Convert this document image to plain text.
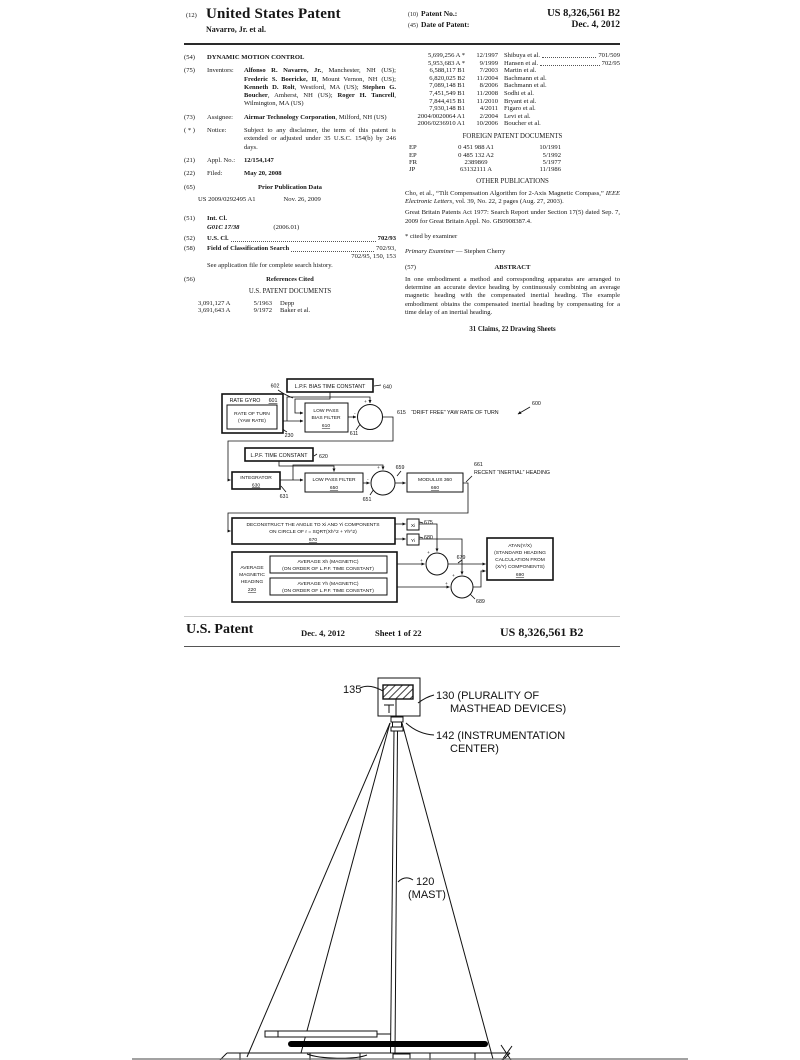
(12) United States Patent
Navarro, Jr. et al.
(10) Patent No.:	US 8,326,561 B2
(45) Date of Patent:	Dec. 4, 2012
(54)	DYNAMIC MOTION CONTROL
(75)	Inventors:	Alfonso R. Navarro, Jr., Manchester, NH (US); Frederic S. Boericke, II, Mount Vernon, NH (US); Kenneth D. Rolt, Westford, MA (US); Stephen G. Boucher, Amherst, NH (US); Roger H. Tancrell, Wilmington, MA (US)
(73)	Assignee:	Airmar Technology Corporation, Milford, NH (US)
( * )	Notice:	Subject to any disclaimer, the term of this patent is extended or adjusted under 35 U.S.C. 154(b) by 246 days.
(21)	Appl. No.:	12/154,147
(22)	Filed:	May 20, 2008
(65)	Prior Publication Data
US 2009/0292495 A1	Nov. 26, 2009
(51)	Int. Cl.
G01C 17/38	(2006.01)
(52)	U.S. Cl.	702/93
(58)	Field of Classification Search	702/93,
702/95, 150, 153
See application file for complete search history.
(56)	References Cited
U.S. PATENT DOCUMENTS
3,091,127 A	5/1963 Depp
3,691,643 A	9/1972 Baker et al.
5,699,256 A *	12/1997 Shibuya et al.	701/509
5,953,683 A *	9/1999 Hansen et al.	702/95
6,588,117 B1	7/2003 Martin et al.
6,820,025 B2	11/2004 Bachmann et al.
7,089,148 B1	8/2006 Bachmann et al.
7,451,549 B1	11/2008 Sodhi et al.
7,844,415 B1	11/2010 Bryant et al.
7,930,148 B1	4/2011 Figaro et al.
2004/0020064 A1	2/2004 Levi et al.
2006/0236910 A1	10/2006 Boucher et al.
FOREIGN PATENT DOCUMENTS
EP	0 451 988 A1	10/1991
EP	0 485 132 A2	5/1992
FR	2389869	5/1977
JP	63132111 A	11/1986
OTHER PUBLICATIONS
Cho, et al., “Tilt Compensation Algorithm for 2-Axis Magnetic Compass,” IEEE Electronic Letters, vol. 39, No. 22, 2 pages (Aug. 27, 2003).
Great Britain Patents Act 1977: Search Report under Section 17(5) dated Sep. 7, 2009 for Great Britain Appl. No. GB0908387.4.
* cited by examiner
Primary Examiner — Stephen Cherry
(57)	ABSTRACT
In one embodiment a method and corresponding apparatus are arranged to determine an accurate device heading by continuously combining an average magnetic heading with the compensated inertial heading. The example embodiment obtains the compensated inertial heading by compensating for a time delay of an inertial heading.
31 Claims, 22 Drawing Sheets
L.P.F. BIAS TIME CONSTANT	640
602
RATE GYRO 601
RATE OF TURN
(YAW RATE)
230
LOW PASS
BIAS FILTER
610
+
-
611
615 “DRIFT FREE” YAW RATE OF TURN
600
L.P.F. TIME CONSTANT 620
INTEGRATOR
630
631
LOW PASS FILTER
650
651
+
-
659
MODULUS 360
660
661
RECENT “INERTIAL” HEADING
DECONSTRUCT THE ANGLE TO Xi AND Yi COMPONENTS
ON CIRCLE OF r = SQRT(Xh^2 + Yh^2)
670
Xi
675
Yi
680
AVERAGE
MAGNETIC
HEADING
220
AVERAGE Xh (MAGNETIC)
(ON ORDER OF L.P.F. TIME CONSTANT)
AVERAGE Yh (MAGNETIC)
(ON ORDER OF L.P.F. TIME CONSTANT)
+
+
+
+
679
689
ATAN(Y/X)
(STANDARD HEADING
CALCULATION FROM
(X/Y) COMPONENTS)
690
U.S. Patent	Dec. 4, 2012	Sheet 1 of 22	US 8,326,561 B2
135	130 (PLURALITY OF
MASTHEAD DEVICES)
142 (INSTRUMENTATION
CENTER)
120
(MAST)
